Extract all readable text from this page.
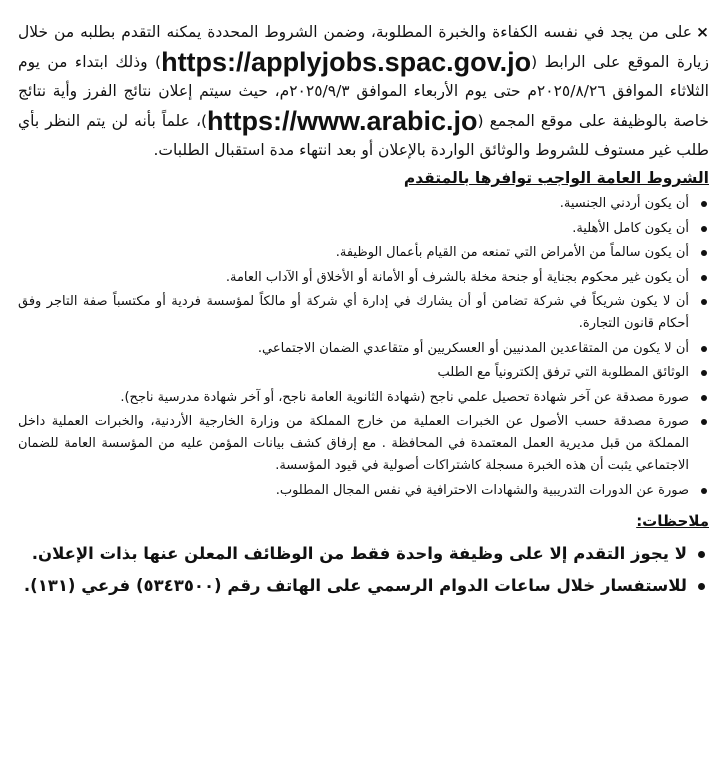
×على من يجد في نفسه الكفاءة والخبرة المطلوبة، وضمن الشروط المحددة يمكنه التقدم بطلبه من خلال زيارة الموقع على الرابط (https://applyjobs.spac.gov.jo) وذلك ابتداء من يوم الثلاثاء الموافق ٢٠٢٥/٨/٢٦م حتى يوم الأربعاء الموافق ٢٠٢٥/٩/٣م، حيث سيتم إعلان نتائج الفرز وأية نتائج خاصة بالوظيفة على موقع المجمع (https://www.arabic.jo)، علماً بأنه لن يتم النظر بأي طلب غير مستوف للشروط والوثائق الواردة بالإعلان أو بعد انتهاء مدة استقبال الطلبات.

الشروط العامة الواجب توافرها بالمتقدم
أن يكون أردني الجنسية.
أن يكون كامل الأهلية.
أن يكون سالماً من الأمراض التي تمنعه من القيام بأعمال الوظيفة.
أن يكون غير محكوم بجناية أو جنحة مخلة بالشرف أو الأمانة أو الأخلاق أو الآداب العامة.
أن لا يكون شريكاً في شركة تضامن أو أن يشارك في إدارة أي شركة أو مالكاً لمؤسسة فردية أو مكتسباً صفة التاجر وفق أحكام قانون التجارة.
أن لا يكون من المتقاعدين المدنيين أو العسكريين أو متقاعدي الضمان الاجتماعي.
الوثائق المطلوبة التي ترفق إلكترونياً مع الطلب
صورة مصدقة عن آخر شهادة تحصيل علمي ناجح (شهادة الثانوية العامة ناجح، أو آخر شهادة مدرسية ناجح).
صورة مصدقة حسب الأصول عن الخبرات العملية من خارج المملكة من وزارة الخارجية الأردنية، والخبرات العملية داخل المملكة من قبل مديرية العمل المعتمدة في المحافظة . مع إرفاق كشف بيانات المؤمن عليه من المؤسسة العامة للضمان الاجتماعي يثبت أن هذه الخبرة مسجلة كاشتراكات أصولية في قيود المؤسسة.
صورة عن الدورات التدريبية والشهادات الاحترافية في نفس المجال المطلوب.
ملاحظات:
لا يجوز التقدم إلا على وظيفة واحدة فقط من الوظائف المعلن عنها بذات الإعلان.
للاستفسار خلال ساعات الدوام الرسمي على الهاتف رقم (٥٣٤٣٥٠٠) فرعي (١٣١).
